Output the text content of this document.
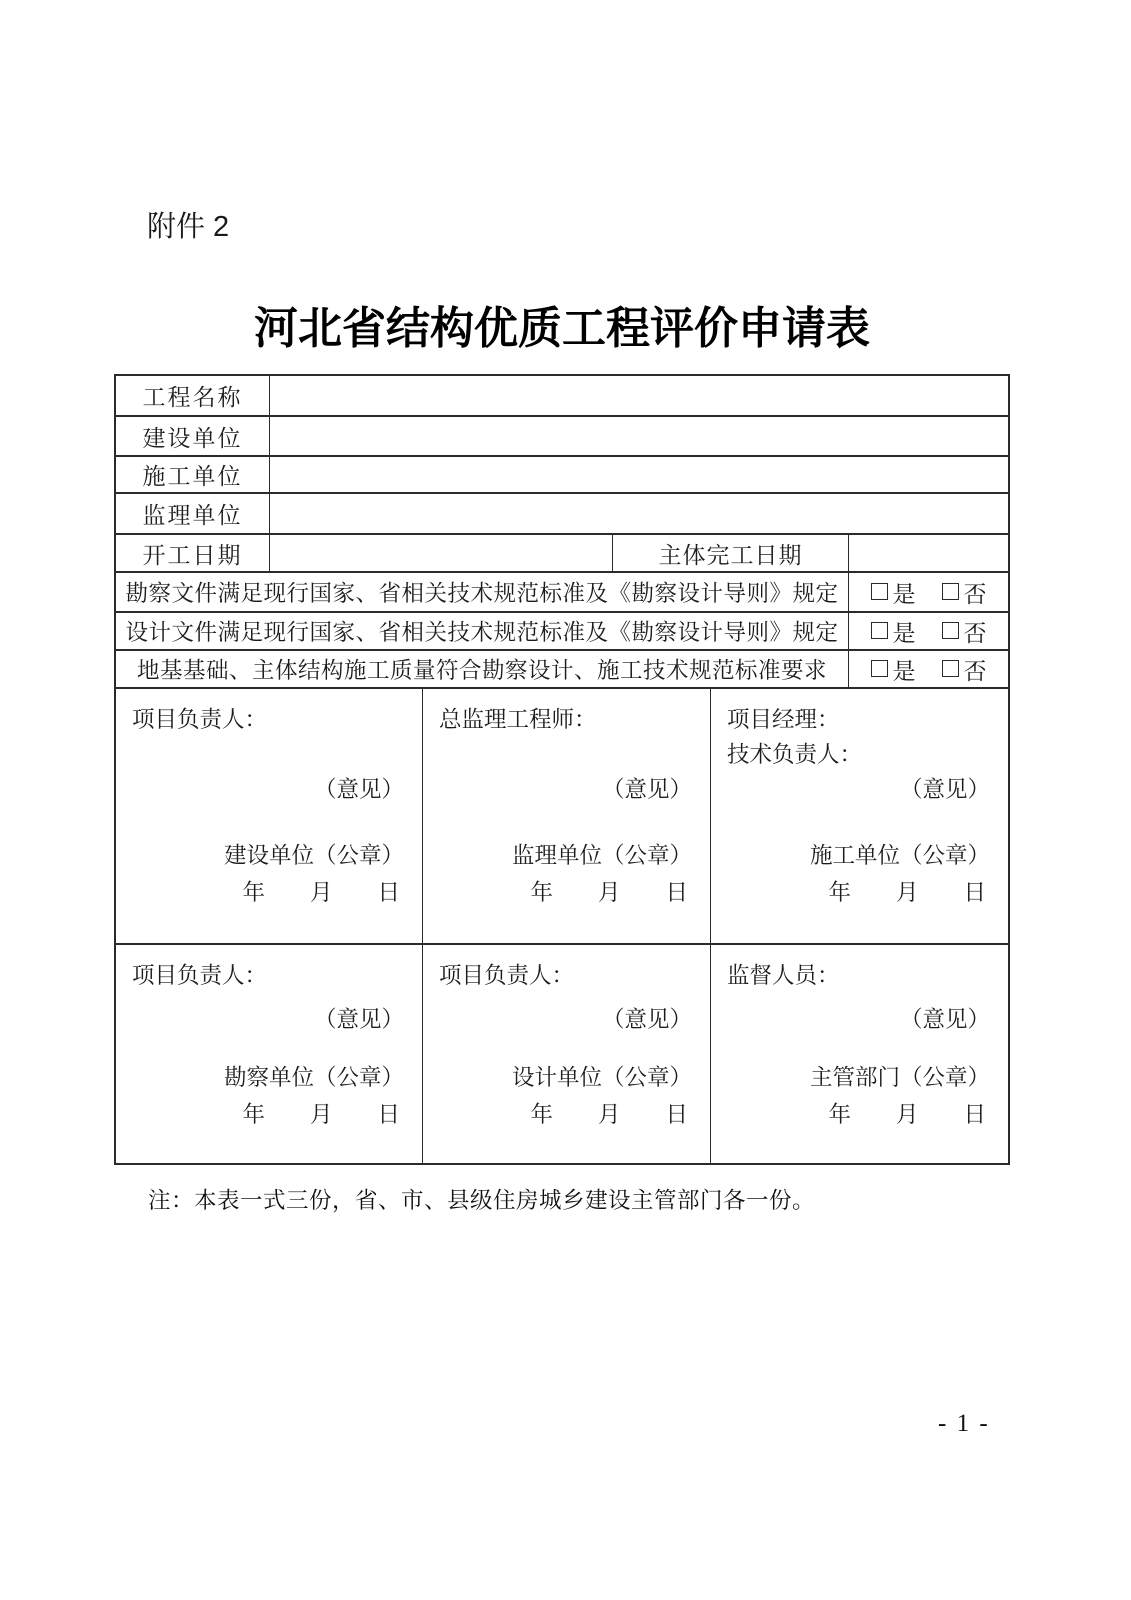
附件 2
河北省结构优质工程评价申请表
工程名称
建设单位
施工单位
监理单位
开工日期	主体完工日期
勘察文件满足现行国家、省相关技术规范标准及《勘察设计导则》规定	是 否
设计文件满足现行国家、省相关技术规范标准及《勘察设计导则》规定	是 否
地基基础、主体结构施工质量符合勘察设计、施工技术规范标准要求	是 否
项目负责人：
（意见）
建设单位（公章）
年　　月　　日
总监理工程师：
（意见）
监理单位（公章）
年　　月　　日
项目经理：
技术负责人：
（意见）
施工单位（公章）
年　　月　　日
项目负责人：
（意见）
勘察单位（公章）
年　　月　　日
项目负责人：
（意见）
设计单位（公章）
年　　月　　日
监督人员：
（意见）
主管部门（公章）
年　　月　　日
注：本表一式三份，省、市、县级住房城乡建设主管部门各一份。
- 1 -
